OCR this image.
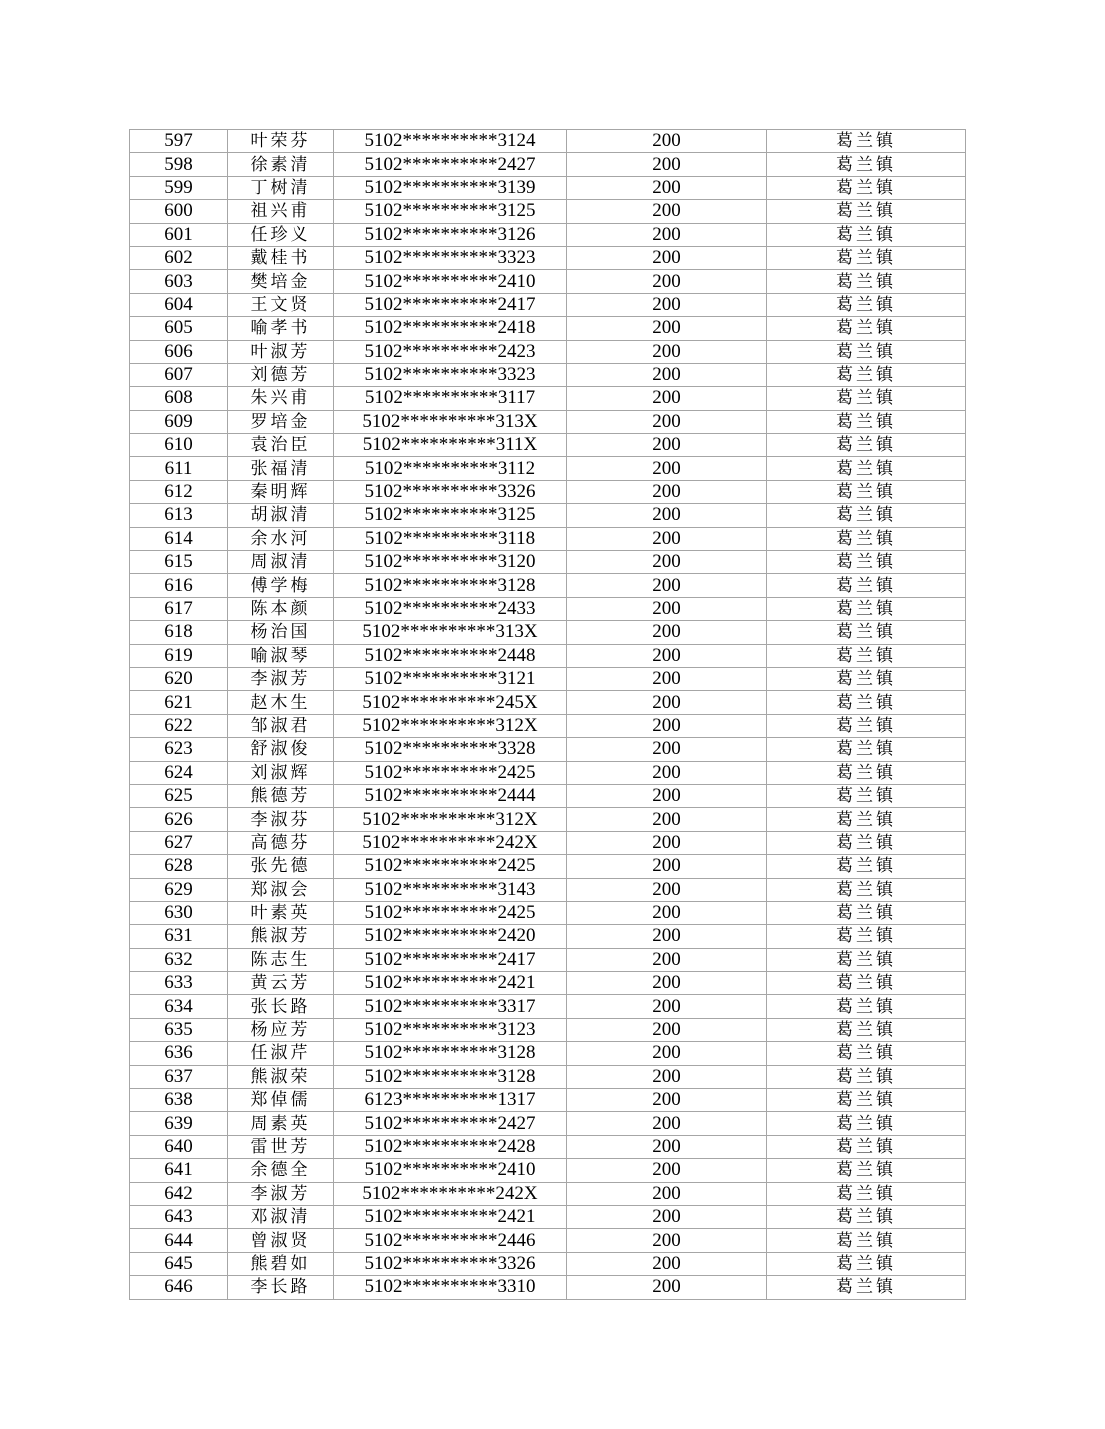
597	叶荣芬	5102**********3124	200	葛兰镇
598	徐素清	5102**********2427	200	葛兰镇
599	丁树清	5102**********3139	200	葛兰镇
600	祖兴甫	5102**********3125	200	葛兰镇
601	任珍义	5102**********3126	200	葛兰镇
602	戴桂书	5102**********3323	200	葛兰镇
603	樊培金	5102**********2410	200	葛兰镇
604	王文贤	5102**********2417	200	葛兰镇
605	喻孝书	5102**********2418	200	葛兰镇
606	叶淑芳	5102**********2423	200	葛兰镇
607	刘德芳	5102**********3323	200	葛兰镇
608	朱兴甫	5102**********3117	200	葛兰镇
609	罗培金	5102**********313X	200	葛兰镇
610	袁治臣	5102**********311X	200	葛兰镇
611	张福清	5102**********3112	200	葛兰镇
612	秦明辉	5102**********3326	200	葛兰镇
613	胡淑清	5102**********3125	200	葛兰镇
614	余水河	5102**********3118	200	葛兰镇
615	周淑清	5102**********3120	200	葛兰镇
616	傅学梅	5102**********3128	200	葛兰镇
617	陈本颜	5102**********2433	200	葛兰镇
618	杨治国	5102**********313X	200	葛兰镇
619	喻淑琴	5102**********2448	200	葛兰镇
620	李淑芳	5102**********3121	200	葛兰镇
621	赵木生	5102**********245X	200	葛兰镇
622	邹淑君	5102**********312X	200	葛兰镇
623	舒淑俊	5102**********3328	200	葛兰镇
624	刘淑辉	5102**********2425	200	葛兰镇
625	熊德芳	5102**********2444	200	葛兰镇
626	李淑芬	5102**********312X	200	葛兰镇
627	高德芬	5102**********242X	200	葛兰镇
628	张先德	5102**********2425	200	葛兰镇
629	郑淑会	5102**********3143	200	葛兰镇
630	叶素英	5102**********2425	200	葛兰镇
631	熊淑芳	5102**********2420	200	葛兰镇
632	陈志生	5102**********2417	200	葛兰镇
633	黄云芳	5102**********2421	200	葛兰镇
634	张长路	5102**********3317	200	葛兰镇
635	杨应芳	5102**********3123	200	葛兰镇
636	任淑芹	5102**********3128	200	葛兰镇
637	熊淑荣	5102**********3128	200	葛兰镇
638	郑倬儒	6123**********1317	200	葛兰镇
639	周素英	5102**********2427	200	葛兰镇
640	雷世芳	5102**********2428	200	葛兰镇
641	余德全	5102**********2410	200	葛兰镇
642	李淑芳	5102**********242X	200	葛兰镇
643	邓淑清	5102**********2421	200	葛兰镇
644	曾淑贤	5102**********2446	200	葛兰镇
645	熊碧如	5102**********3326	200	葛兰镇
646	李长路	5102**********3310	200	葛兰镇
